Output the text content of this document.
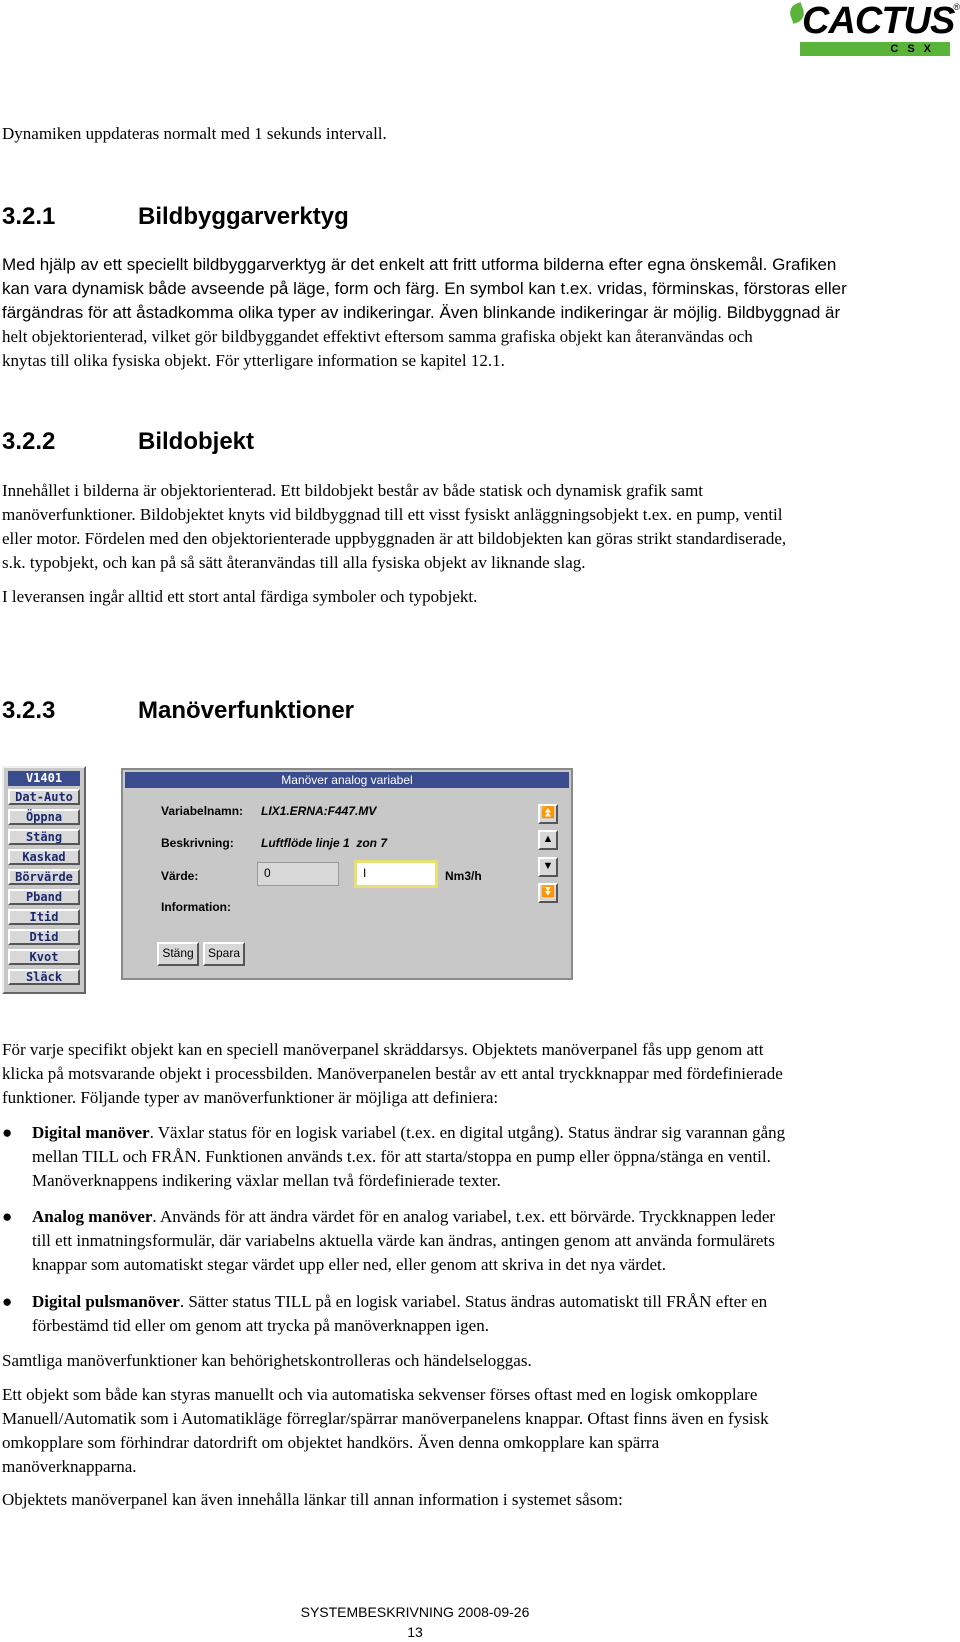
CACTUS ®
CSX

Dynamiken uppdateras normalt med 1 sekunds intervall.

3.2.1	Bildbyggarverktyg
Med hjälp av ett speciellt bildbyggarverktyg är det enkelt att fritt utforma bilderna efter egna önskemål. Grafiken
kan vara dynamisk både avseende på läge, form och färg. En symbol kan t.ex. vridas, förminskas, förstoras eller
färgändras för att åstadkomma olika typer av indikeringar. Även blinkande indikeringar är möjlig. Bildbyggnad är
helt objektorienterad, vilket gör bildbyggandet effektivt eftersom samma grafiska objekt kan återanvändas och
knytas till olika fysiska objekt. För ytterligare information se kapitel 12.1.
3.2.2	Bildobjekt
Innehållet i bilderna är objektorienterad. Ett bildobjekt består av både statisk och dynamisk grafik samt
manöverfunktioner. Bildobjektet knyts vid bildbyggnad till ett visst fysiskt anläggningsobjekt t.ex. en pump, ventil
eller motor. Fördelen med den objektorienterade uppbyggnaden är att bildobjekten kan göras strikt standardiserade,
s.k. typobjekt, och kan på så sätt återanvändas till alla fysiska objekt av liknande slag.

I leveransen ingår alltid ett stort antal färdiga symboler och typobjekt.

3.2.3	Manöverfunktioner
V1401
Dat-Auto
Öppna
Stäng
Kaskad
Börvärde
Pband
Itid
Dtid
Kvot
Släck
Manöver analog variabel
Variabelnamn: LIX1.ERNA:F447.MV
Beskrivning: Luftflöde linje 1  zon 7
Värde:	0	I	Nm3/h
Information:
⏫
▲
▼
⏬
Stäng	Spara
För varje specifikt objekt kan en speciell manöverpanel skräddarsys. Objektets manöverpanel fås upp genom att
klicka på motsvarande objekt i processbilden. Manöverpanelen består av ett antal tryckknappar med fördefinierade
funktioner. Följande typer av manöverfunktioner är möjliga att definiera:
●	Digital manöver. Växlar status för en logisk variabel (t.ex. en digital utgång). Status ändrar sig varannan gång
mellan TILL och FRÅN. Funktionen används t.ex. för att starta/stoppa en pump eller öppna/stänga en ventil.
Manöverknappens indikering växlar mellan två fördefinierade texter.
●	Analog manöver. Används för att ändra värdet för en analog variabel, t.ex. ett börvärde. Tryckknappen leder
till ett inmatningsformulär, där variabelns aktuella värde kan ändras, antingen genom att använda formulärets
knappar som automatiskt stegar värdet upp eller ned, eller genom att skriva in det nya värdet.
●	Digital pulsmanöver. Sätter status TILL på en logisk variabel. Status ändras automatiskt till FRÅN efter en
förbestämd tid eller om genom att trycka på manöverknappen igen.

Samtliga manöverfunktioner kan behörighetskontrolleras och händelseloggas.

Ett objekt som både kan styras manuellt och via automatiska sekvenser förses oftast med en logisk omkopplare
Manuell/Automatik som i Automatikläge förreglar/spärrar manöverpanelens knappar. Oftast finns även en fysisk
omkopplare som förhindrar datordrift om objektet handkörs. Även denna omkopplare kan spärra
manöverknapparna.

Objektets manöverpanel kan även innehålla länkar till annan information i systemet såsom:

SYSTEMBESKRIVNING 2008-09-26
13
